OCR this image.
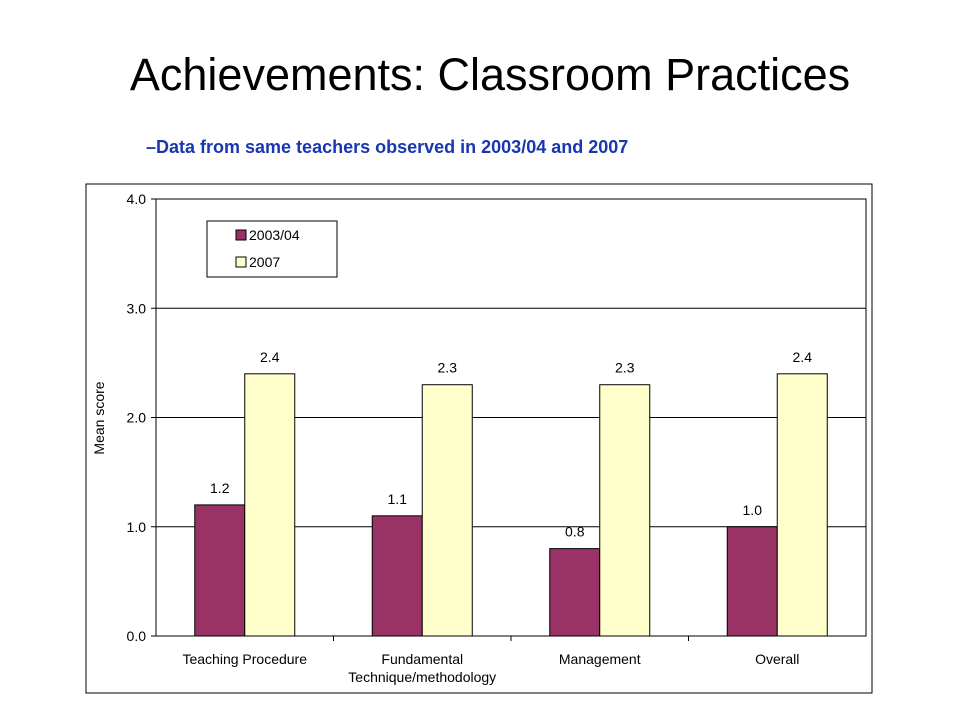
Achievements: Classroom Practices
–Data from same teachers observed in 2003/04 and 2007
0.0
1.0
2.0
3.0
4.0
Teaching Procedure	Fundamental
Technique/methodology
Management	Overall
1.2
2.4
1.1
2.3
0.8
2.3
1.0
2.4
Mean score
2003/04
2007
